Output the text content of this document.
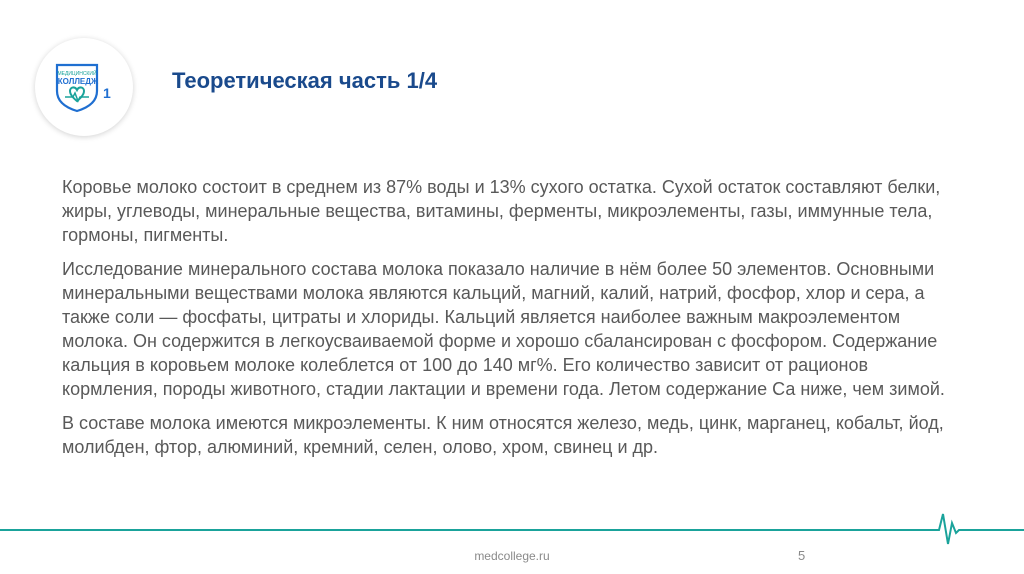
МЕДИЦИНСКИЙ
КОЛЛЕДЖ
1	Теоретическая часть 1/4

Коровье молоко состоит в среднем из 87% воды и 13% сухого остатка. Сухой остаток составляют белки, жиры, углеводы, минеральные вещества, витамины, ферменты, микроэлементы, газы, иммунные тела, гормоны, пигменты.

Исследование минерального состава молока показало наличие в нём более 50 элементов. Основными минеральными веществами молока являются кальций, магний, калий, натрий, фосфор, хлор и сера, а также соли — фосфаты, цитраты и хлориды. Кальций является наиболее важным макроэлементом молока. Он содержится в легкоусваиваемой форме и хорошо сбалансирован с фосфором. Содержание кальция в коровьем молоке колеблется от 100 до 140 мг%. Его количество зависит от рационов кормления, породы животного, стадии лактации и времени года. Летом содержание Са ниже, чем зимой.

В составе молока имеются микроэлементы. К ним относятся железо, медь, цинк, марганец, кобальт, йод, молибден, фтор, алюминий, кремний, селен, олово, хром, свинец и др.

medcollege.ru	5
